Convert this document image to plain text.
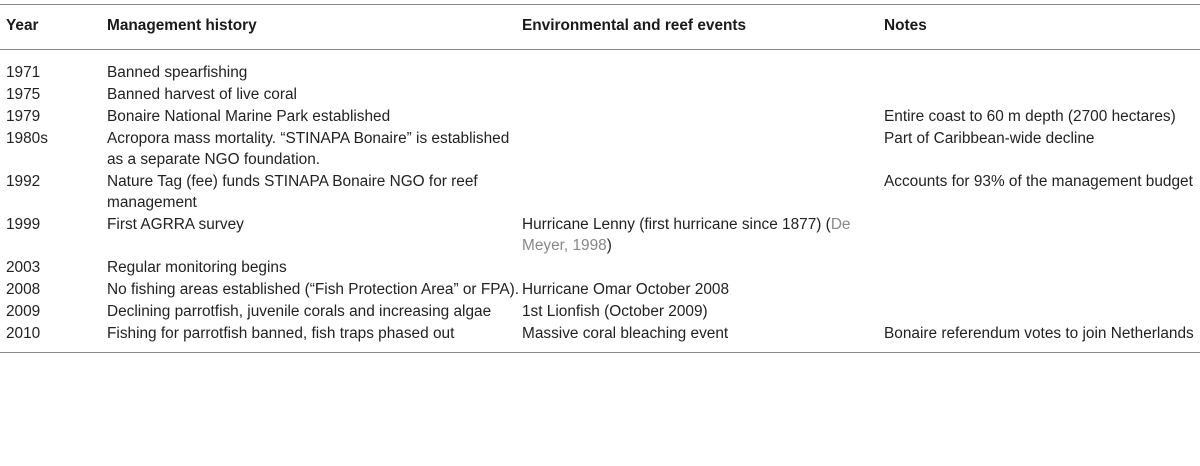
Year	Management history	Environmental and reef events	Notes
1971	Banned spearfishing		
1975	Banned harvest of live coral		
1979	Bonaire National Marine Park established		Entire coast to 60 m depth (2700 hectares)
1980s	Acropora mass mortality. “STINAPA Bonaire” is established as a separate NGO foundation.		Part of Caribbean-wide decline
1992	Nature Tag (fee) funds STINAPA Bonaire NGO for reef management		Accounts for 93% of the management budget
1999	First AGRRA survey	Hurricane Lenny (first hurricane since 1877) (De Meyer, 1998)	
2003	Regular monitoring begins		
2008	No fishing areas established (“Fish Protection Area” or FPA).	Hurricane Omar October 2008	
2009	Declining parrotfish, juvenile corals and increasing algae	1st Lionfish (October 2009)	
2010	Fishing for parrotfish banned, fish traps phased out	Massive coral bleaching event	Bonaire referendum votes to join Netherlands
